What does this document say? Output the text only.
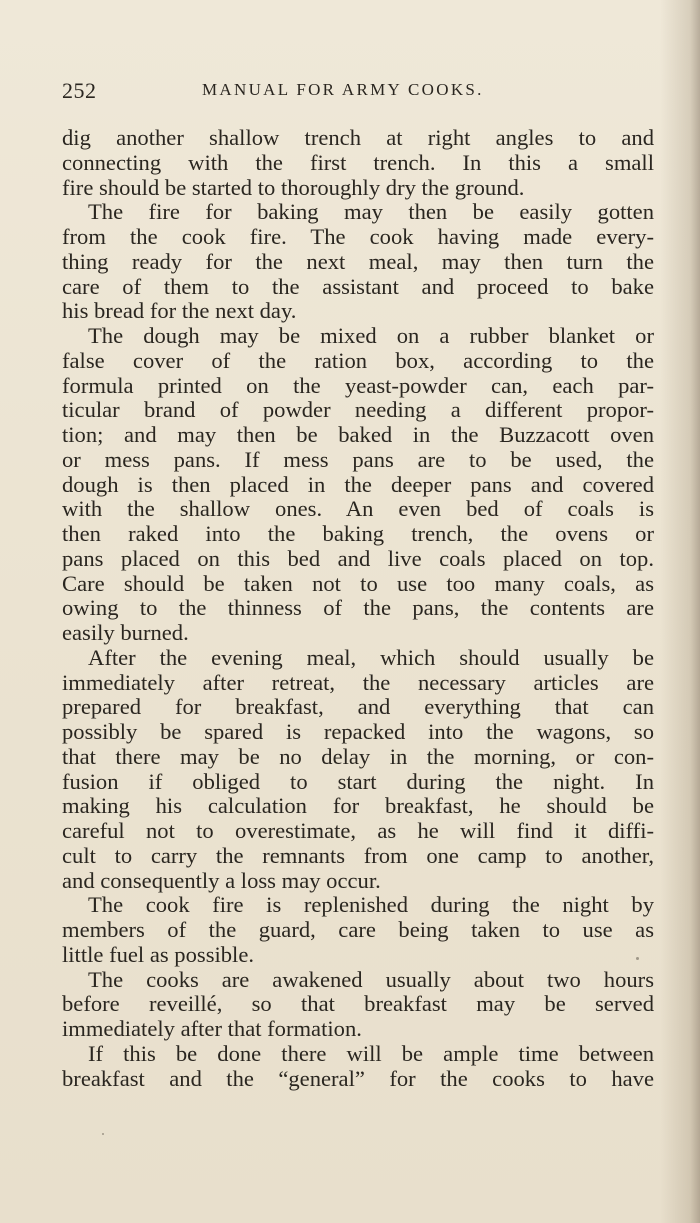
252	MANUAL FOR ARMY COOKS.
dig another shallow trench at right angles to and
connecting with the first trench. In this a small
fire should be started to thoroughly dry the ground.
The fire for baking may then be easily gotten
from the cook fire. The cook having made every-
thing ready for the next meal, may then turn the
care of them to the assistant and proceed to bake
his bread for the next day.
The dough may be mixed on a rubber blanket or
false cover of the ration box, according to the
formula printed on the yeast-powder can, each par-
ticular brand of powder needing a different propor-
tion; and may then be baked in the Buzzacott oven
or mess pans. If mess pans are to be used, the
dough is then placed in the deeper pans and covered
with the shallow ones. An even bed of coals is
then raked into the baking trench, the ovens or
pans placed on this bed and live coals placed on top.
Care should be taken not to use too many coals, as
owing to the thinness of the pans, the contents are
easily burned.
After the evening meal, which should usually be
immediately after retreat, the necessary articles are
prepared for breakfast, and everything that can
possibly be spared is repacked into the wagons, so
that there may be no delay in the morning, or con-
fusion if obliged to start during the night. In
making his calculation for breakfast, he should be
careful not to overestimate, as he will find it diffi-
cult to carry the remnants from one camp to another,
and consequently a loss may occur.
The cook fire is replenished during the night by
members of the guard, care being taken to use as
little fuel as possible.
The cooks are awakened usually about two hours
before reveillé, so that breakfast may be served
immediately after that formation.
If this be done there will be ample time between
breakfast and the “general” for the cooks to have
